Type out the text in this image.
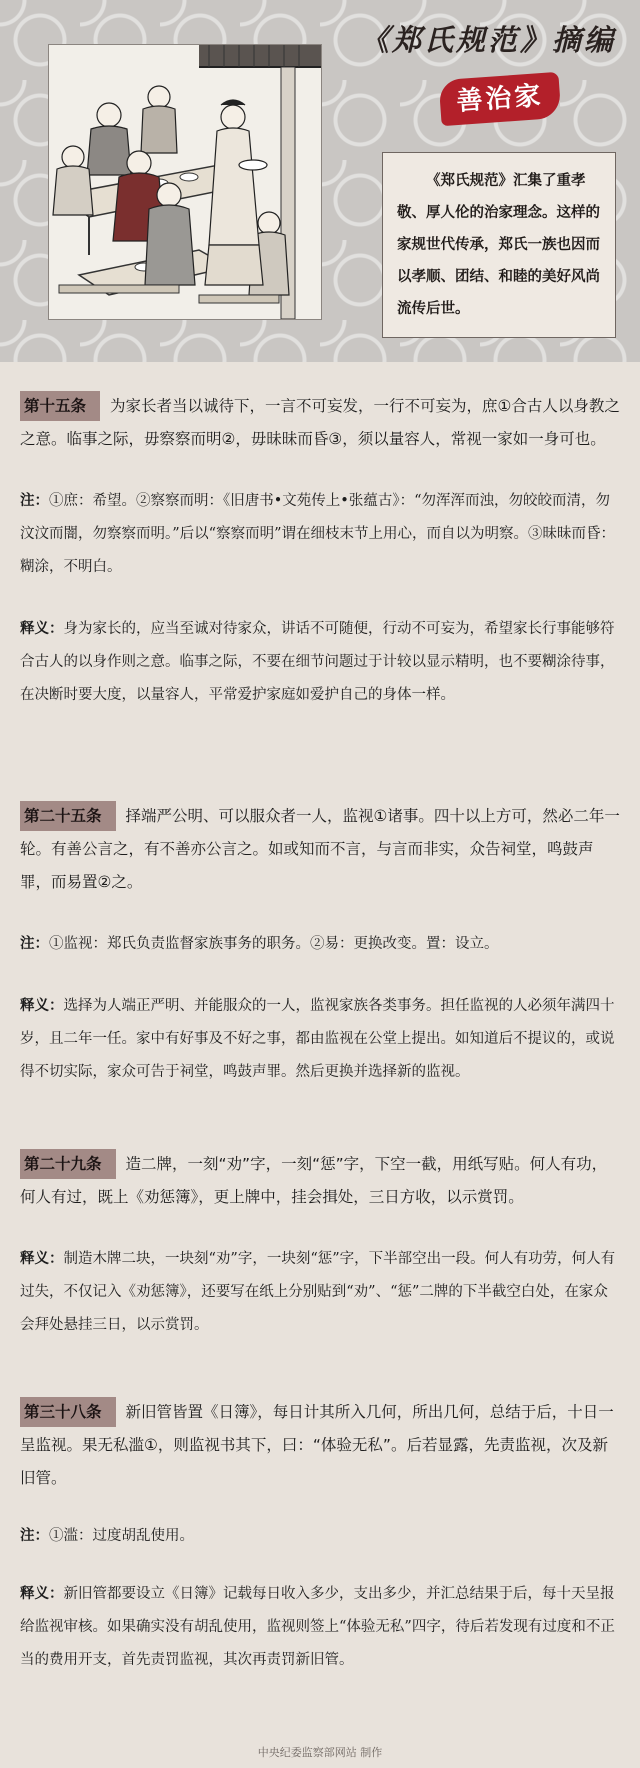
《郑氏规范》摘编
善治家
《郑氏规范》汇集了重孝敬、厚人伦的治家理念。这样的家规世代传承，郑氏一族也因而以孝顺、团结、和睦的美好风尚流传后世。

第十五条 为家长者当以诚待下，一言不可妄发，一行不可妄为，庶①合古人以身教之之意。临事之际，毋察察而明②，毋昧昧而昏③，须以量容人，常视一家如一身可也。

注：①庶：希望。②察察而明：《旧唐书•文苑传上•张蕴古》：“勿浑浑而浊，勿皎皎而清，勿汶汶而闇，勿察察而明。”后以“察察而明”谓在细枝末节上用心，而自以为明察。③昧昧而昏：糊涂，不明白。

释义：身为家长的，应当至诚对待家众，讲话不可随便，行动不可妄为，希望家长行事能够符合古人的以身作则之意。临事之际，不要在细节问题过于计较以显示精明，也不要糊涂待事，在决断时要大度，以量容人，平常爱护家庭如爱护自己的身体一样。

第二十五条 择端严公明、可以服众者一人，监视①诸事。四十以上方可，然必二年一轮。有善公言之，有不善亦公言之。如或知而不言，与言而非实，众告祠堂，鸣鼓声罪，而易置②之。

注：①监视：郑氏负责监督家族事务的职务。②易：更换改变。置：设立。

释义：选择为人端正严明、并能服众的一人，监视家族各类事务。担任监视的人必须年满四十岁，且二年一任。家中有好事及不好之事，都由监视在公堂上提出。如知道后不提议的，或说得不切实际，家众可告于祠堂，鸣鼓声罪。然后更换并选择新的监视。

第二十九条 造二牌，一刻“劝”字，一刻“惩”字，下空一截，用纸写贴。何人有功，何人有过，既上《劝惩簿》，更上牌中，挂会揖处，三日方收，以示赏罚。

释义：制造木牌二块，一块刻“劝”字，一块刻“惩”字，下半部空出一段。何人有功劳，何人有过失，不仅记入《劝惩簿》，还要写在纸上分别贴到“劝”、“惩”二牌的下半截空白处，在家众会拜处悬挂三日，以示赏罚。

第三十八条 新旧管皆置《日簿》，每日计其所入几何，所出几何，总结于后，十日一呈监视。果无私滥①，则监视书其下，曰：“体验无私”。后若显露，先责监视，次及新旧管。

注：①滥：过度胡乱使用。

释义：新旧管都要设立《日簿》记载每日收入多少，支出多少，并汇总结果于后，每十天呈报给监视审核。如果确实没有胡乱使用，监视则签上“体验无私”四字，待后若发现有过度和不正当的费用开支，首先责罚监视，其次再责罚新旧管。

中央纪委监察部网站 制作
